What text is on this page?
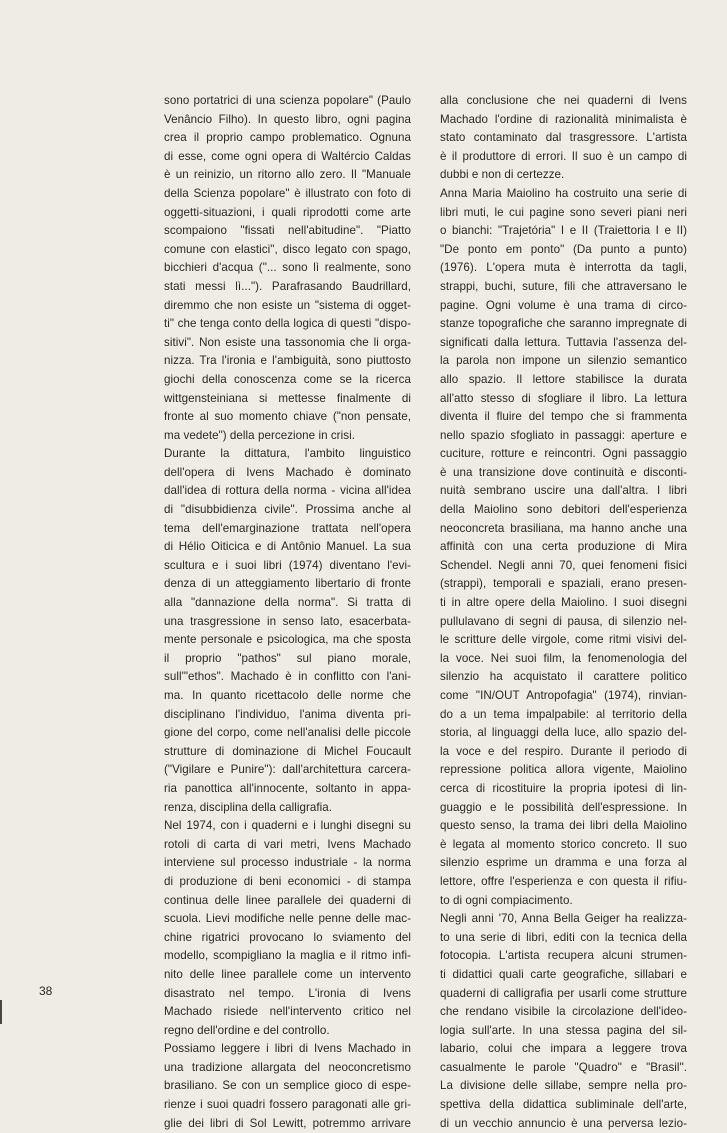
sono portatrici di una scienza popolare" (Paulo
Venâncio Filho). In questo libro, ogni pagina
crea il proprio campo problematico. Ognuna
di esse, come ogni opera di Waltércio Caldas
è un reinizio, un ritorno allo zero. Il "Manuale
della Scienza popolare" è illustrato con foto di
oggetti-situazioni, i quali riprodotti come arte
scompaiono "fissati nell'abitudine". "Piatto
comune con elastici", disco legato con spago,
bicchieri d'acqua ("... sono lì realmente, sono
stati messi lì..."). Parafrasando Baudrillard,
diremmo che non esiste un "sistema di ogget-
ti" che tenga conto della logica di questi "dispo-
sitivi". Non esiste una tassonomia che li orga-
nizza. Tra l'ironia e l'ambiguità, sono piuttosto
giochi della conoscenza come se la ricerca
wittgensteiniana si mettesse finalmente di
fronte al suo momento chiave ("non pensate,
ma vedete") della percezione in crisi.
Durante la dittatura, l'ambito linguistico
dell'opera di Ivens Machado è dominato
dall'idea di rottura della norma - vicina all'idea
di "disubbidienza civile". Prossima anche al
tema dell'emarginazione trattata nell'opera
di Hélio Oiticica e di Antônio Manuel. La sua
scultura e i suoi libri (1974) diventano l'evi-
denza di un atteggiamento libertario di fronte
alla "dannazione della norma". Si tratta di
una trasgressione in senso lato, esacerbata-
mente personale e psicologica, ma che sposta
il proprio "pathos" sul piano morale,
sull'"ethos". Machado è in conflitto con l'ani-
ma. In quanto ricettacolo delle norme che
disciplinano l'individuo, l'anima diventa pri-
gione del corpo, come nell'analisi delle piccole
strutture di dominazione di Michel Foucault
("Vigilare e Punire"): dall'architettura carcera-
ria panottica all'innocente, soltanto in appa-
renza, disciplina della calligrafia.
Nel 1974, con i quaderni e i lunghi disegni su
rotoli di carta di vari metri, Ivens Machado
interviene sul processo industriale - la norma
di produzione di beni economici - di stampa
continua delle linee parallele dei quaderni di
scuola. Lievi modifiche nelle penne delle mac-
chine rigatrici provocano lo sviamento del
modello, scompigliano la maglia e il ritmo infi-
nito delle linee parallele come un intervento
disastrato nel tempo. L'ironia di Ivens
Machado risiede nell'intervento critico nel
regno dell'ordine e del controllo.
Possiamo leggere i libri di Ivens Machado in
una tradizione allargata del neoconcretismo
brasiliano. Se con un semplice gioco di espe-
rienze i suoi quadri fossero paragonati alle gri-
glie dei libri di Sol Lewitt, potremmo arrivare
alla conclusione che nei quaderni di Ivens
Machado l'ordine di razionalità minimalista è
stato contaminato dal trasgressore. L'artista
è il produttore di errori. Il suo è un campo di
dubbi e non di certezze.
Anna Maria Maiolino ha costruito una serie di
libri muti, le cui pagine sono severi piani neri
o bianchi: "Trajetória" I e II (Traiettoria I e II)
"De ponto em ponto" (Da punto a punto)
(1976). L'opera muta è interrotta da tagli,
strappi, buchi, suture, fili che attraversano le
pagine. Ogni volume è una trama di circo-
stanze topografiche che saranno impregnate di
significati dalla lettura. Tuttavia l'assenza del-
la parola non impone un silenzio semantico
allo spazio. Il lettore stabilisce la durata
all'atto stesso di sfogliare il libro. La lettura
diventa il fluire del tempo che si frammenta
nello spazio sfogliato in passaggi: aperture e
cuciture, rotture e reincontri. Ogni passaggio
è una transizione dove continuità e disconti-
nuità sembrano uscire una dall'altra. I libri
della Maiolino sono debitori dell'esperienza
neoconcreta brasiliana, ma hanno anche una
affinità con una certa produzione di Mira
Schendel. Negli anni 70, quei fenomeni fisici
(strappi), temporali e spaziali, erano presen-
ti in altre opere della Maiolino. I suoi disegni
pullulavano di segni di pausa, di silenzio nel-
le scritture delle virgole, come ritmi visivi del-
la voce. Nei suoi film, la fenomenologia del
silenzio ha acquistato il carattere politico
come "IN/OUT Antropofagia" (1974), rinvian-
do a un tema impalpabile: al territorio della
storia, al linguaggi della luce, allo spazio del-
la voce e del respiro. Durante il periodo di
repressione politica allora vigente, Maiolino
cerca di ricostituire la propria ipotesi di lin-
guaggio e le possibilità dell'espressione. In
questo senso, la trama dei libri della Maiolino
è legata al momento storico concreto. Il suo
silenzio esprime un dramma e una forza al
lettore, offre l'esperienza e con questa il rifiu-
to di ogni compiacimento.
Negli anni '70, Anna Bella Geiger ha realizza-
to una serie di libri, editi con la tecnica della
fotocopia. L'artista recupera alcuni strumen-
ti didattici quali carte geografiche, sillabari e
quaderni di calligrafia per usarli come strutture
che rendano visibile la circolazione dell'ideo-
logia sull'arte. In una stessa pagina del sil-
labario, colui che impara a leggere trova
casualmente le parole "Quadro" e "Brasil".
La divisione delle sillabe, sempre nella pro-
spettiva della didattica subliminale dell'arte,
di un vecchio annuncio è una perversa lezio-
38
